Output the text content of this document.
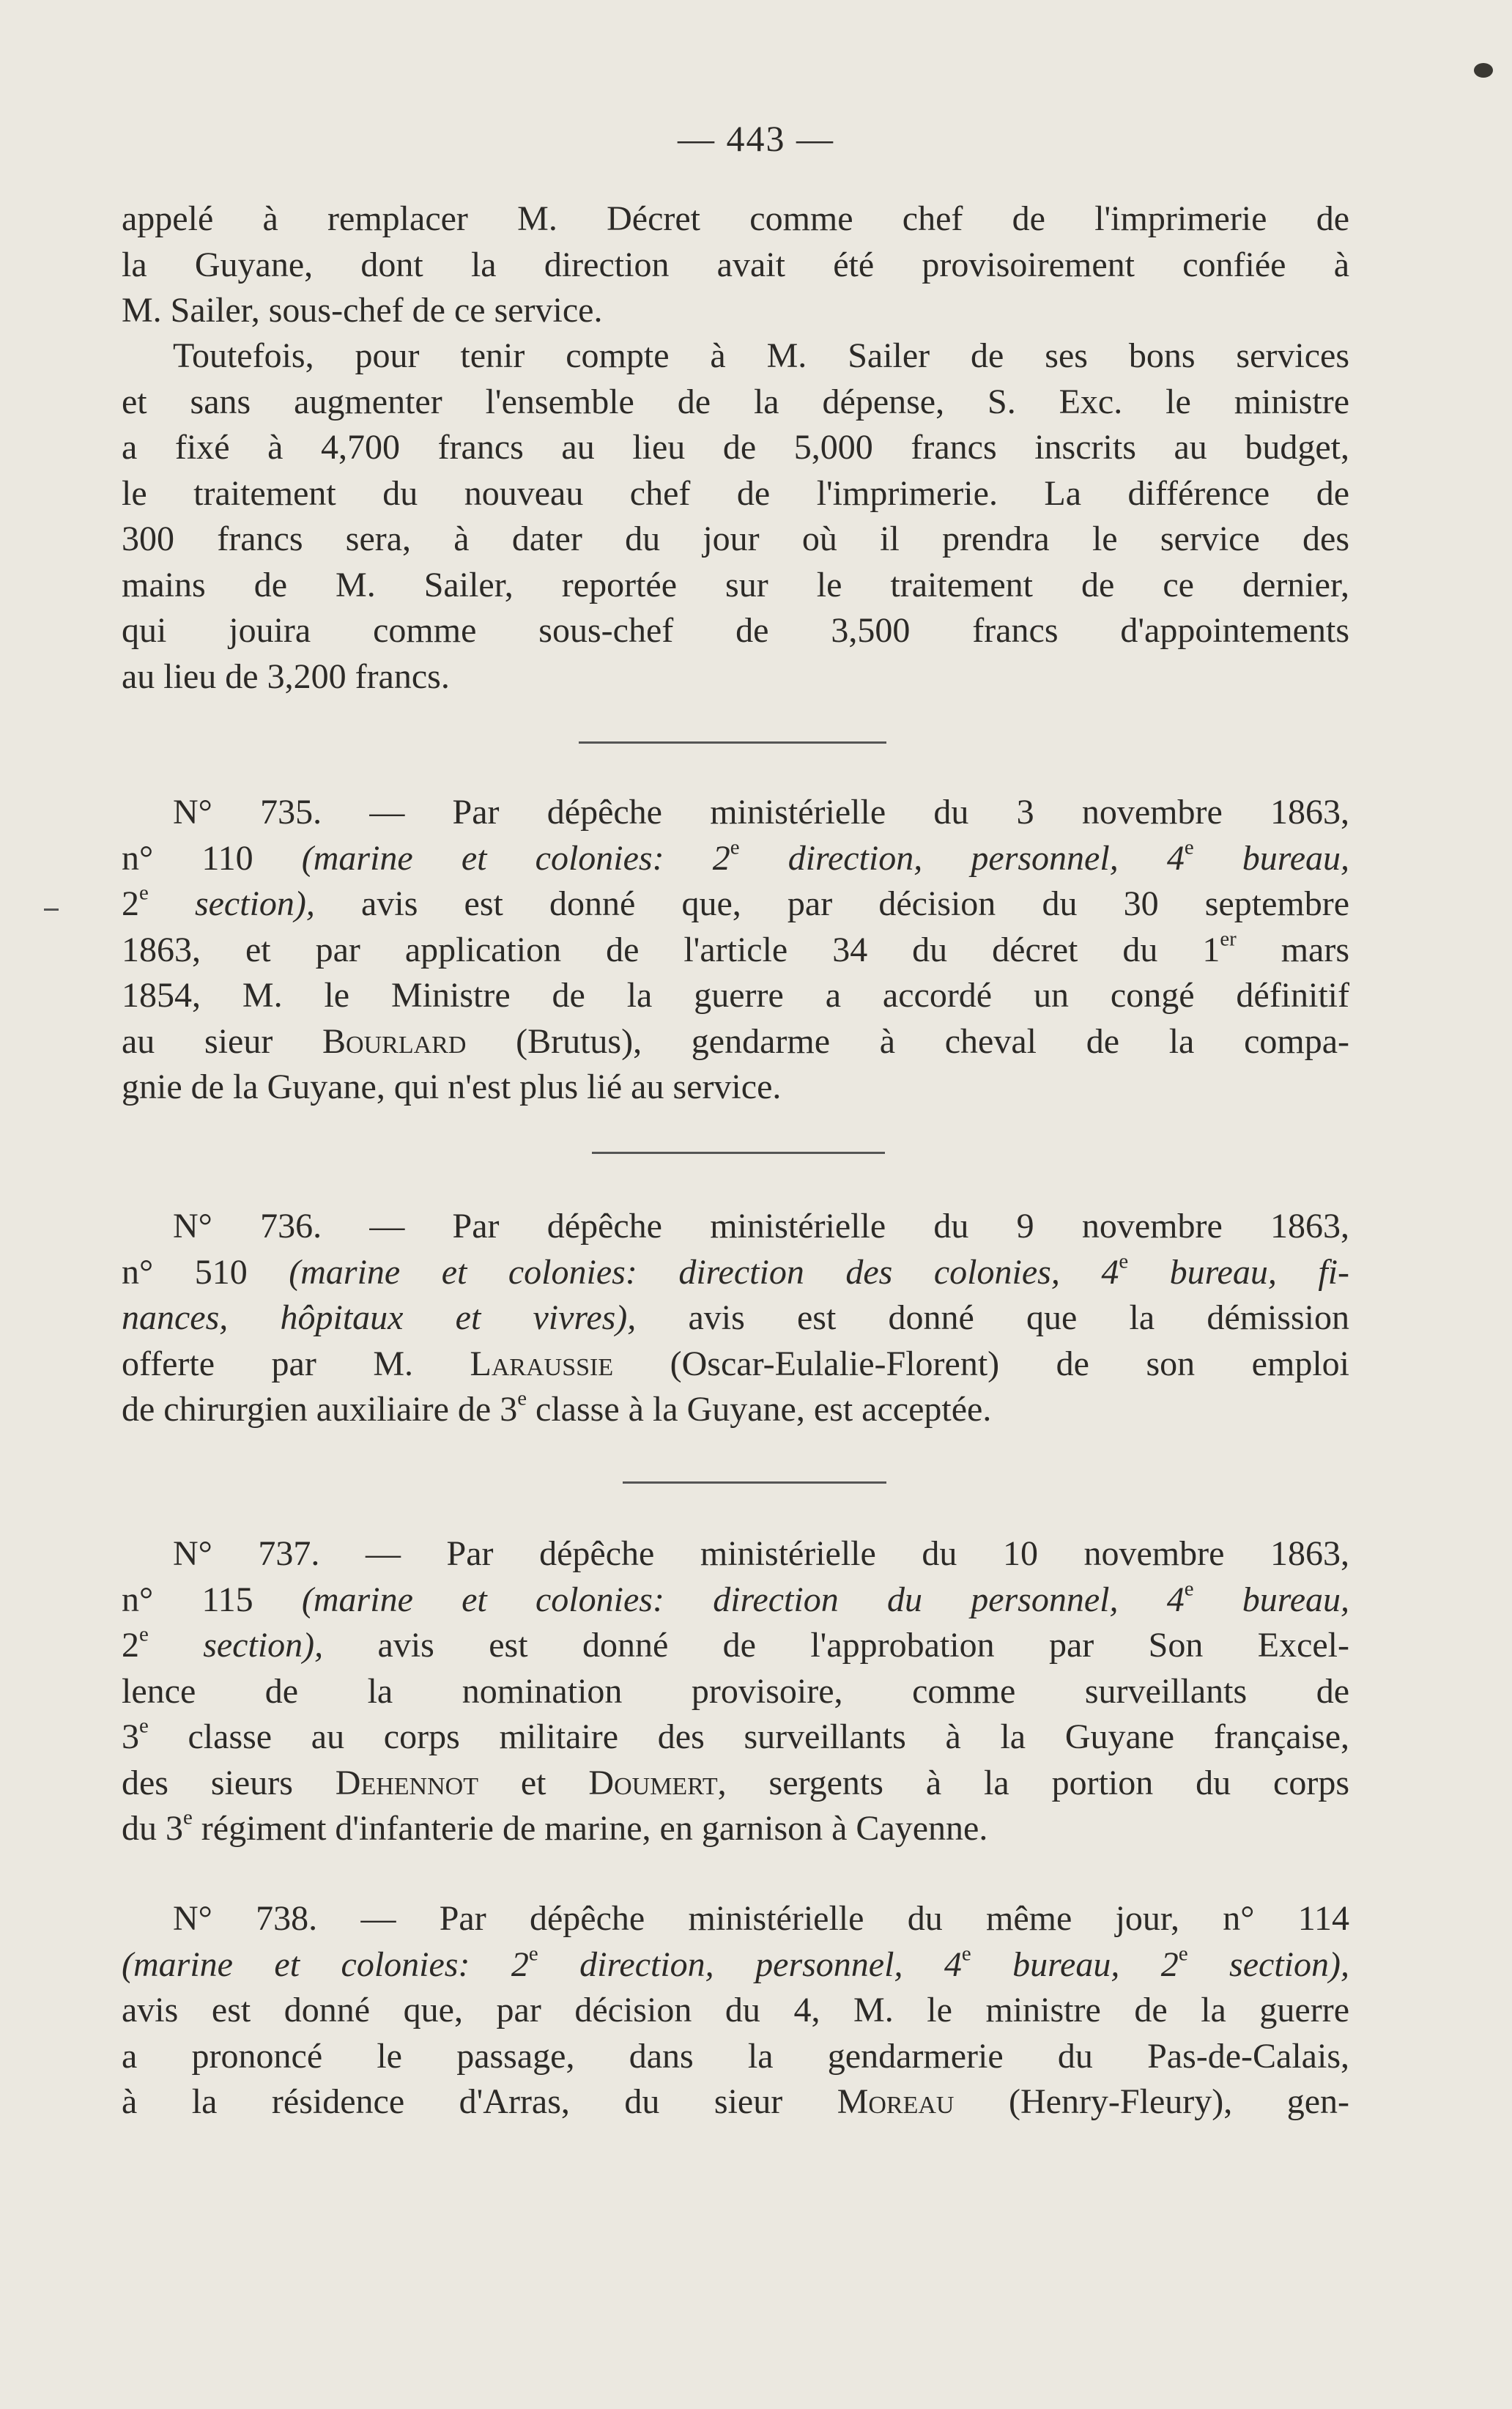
— 443 —
appelé à remplacer M. Décret comme chef de l'imprimerie de
la Guyane, dont la direction avait été provisoirement confiée à
M. Sailer, sous-chef de ce service.
Toutefois, pour tenir compte à M. Sailer de ses bons services
et sans augmenter l'ensemble de la dépense, S. Exc. le ministre
a fixé à 4,700 francs au lieu de 5,000 francs inscrits au budget,
le traitement du nouveau chef de l'imprimerie. La différence de
300 francs sera, à dater du jour où il prendra le service des
mains de M. Sailer, reportée sur le traitement de ce dernier,
qui jouira comme sous-chef de 3,500 francs d'appointements
au lieu de 3,200 francs.
N° 735. — Par dépêche ministérielle du 3 novembre 1863,
n° 110 (marine et colonies: 2e direction, personnel, 4e bureau,
2e section), avis est donné que, par décision du 30 septembre
1863, et par application de l'article 34 du décret du 1er mars
1854, M. le Ministre de la guerre a accordé un congé définitif
au sieur Bourlard (Brutus), gendarme à cheval de la compa-
gnie de la Guyane, qui n'est plus lié au service.
N° 736. — Par dépêche ministérielle du 9 novembre 1863,
n° 510 (marine et colonies: direction des colonies, 4e bureau, fi-
nances, hôpitaux et vivres), avis est donné que la démission
offerte par M. Laraussie (Oscar-Eulalie-Florent) de son emploi
de chirurgien auxiliaire de 3e classe à la Guyane, est acceptée.
N° 737. — Par dépêche ministérielle du 10 novembre 1863,
n° 115 (marine et colonies: direction du personnel, 4e bureau,
2e section), avis est donné de l'approbation par Son Excel-
lence de la nomination provisoire, comme surveillants de
3e classe au corps militaire des surveillants à la Guyane française,
des sieurs Dehennot et Doumert, sergents à la portion du corps
du 3e régiment d'infanterie de marine, en garnison à Cayenne.
N° 738. — Par dépêche ministérielle du même jour, n° 114
(marine et colonies: 2e direction, personnel, 4e bureau, 2e section),
avis est donné que, par décision du 4, M. le ministre de la guerre
a prononcé le passage, dans la gendarmerie du Pas-de-Calais,
à la résidence d'Arras, du sieur Moreau (Henry-Fleury), gen-
